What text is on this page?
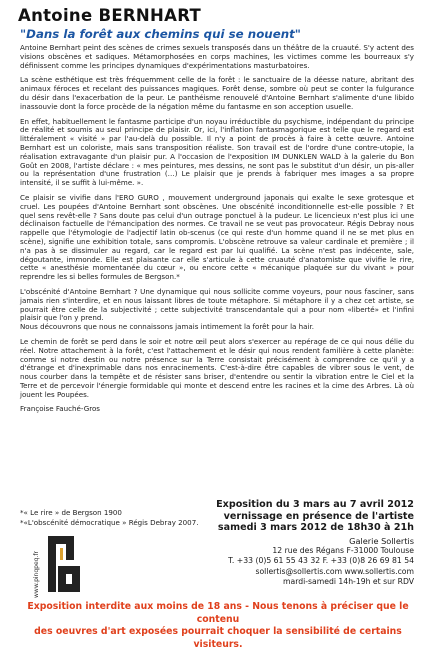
Antoine BERNHART
"Dans la forêt aux chemins qui se nouent"

Antoine Bernhart peint des scènes de crimes sexuels transposés dans un théâtre de la cruauté. S'y actent des visions obscènes et sadiques. Métamorphosées en corps machines, les victimes comme les bourreaux s'y définissent comme les principes dynamiques d'expérimentations masturbatoires.

La scène esthétique est très fréquemment celle de la forêt : le sanctuaire de la déesse nature, abritant des animaux féroces et recelant des puissances magiques. Forêt dense, sombre où peut se conter la fulgurance du désir dans l'exacerbation de la peur. Le panthéisme renouvelé d'Antoine Bernhart s'alimente d'une libido inassouvie dont la force procède de la négation même du fantasme en son acception usuelle.

En effet, habituellement le fantasme participe d'un noyau irréductible du psychisme, indépendant du principe de réalité et soumis au seul principe de plaisir. Or, ici, l'inflation fantasmagorique est telle que le regard est littéralement « visité » par l'au-delà du possible. Il n'y a point de procès à faire à cette œuvre. Antoine Bernhart est un coloriste, mais sans transposition réaliste. Son travail est de l'ordre d'une contre-utopie, la réalisation extravagante d'un plaisir pur. A l'occasion de l'exposition IM DUNKLEN WALD à la galerie du Bon Goût en 2008, l'artiste déclare : « mes peintures, mes dessins, ne sont pas le substitut d'un désir, un pis-aller ou la représentation d'une frustration (…) Le plaisir que je prends à fabriquer mes images a sa propre intensité, il se suffit à lui-même. ».

Ce plaisir se vivifie dans l'ERO GURO , mouvement underground japonais qui exalte le sexe grotesque et cruel. Les poupées d'Antoine Bernhart sont obscènes. Une obscénité inconditionnelle est-elle possible ? Et quel sens revêt-elle ? Sans doute pas celui d'un outrage ponctuel à la pudeur. Le licencieux n'est plus ici une déclinaison factuelle de l'émancipation des normes. Ce travail ne se veut pas provocateur. Régis Debray nous rappelle que l'étymologie de l'adjectif latin ob-scenus (ce qui reste d'un homme quand il ne se met plus en scène), signifie une exhibition totale, sans compromis. L'obscène retrouve sa valeur cardinale et première ; il n'a pas à se dissimuler au regard, car le regard est par lui qualifié. La scène n'est pas indécente, sale, dégoutante, immonde. Elle est plaisante car elle s'articule à cette cruauté d'anatomiste que vivifie le rire, cette « anesthésie momentanée du cœur », ou encore cette « mécanique plaquée sur du vivant » pour reprendre les si belles formules de Bergson.*

L'obscénité d'Antoine Bernhart ? Une dynamique qui nous sollicite comme voyeurs, pour nous fasciner, sans jamais rien s'interdire, et en nous laissant libres de toute métaphore. Si métaphore il y a chez cet artiste, se pourrait être celle de la subjectivité ; cette subjectivité transcendantale qui a pour nom «liberté» et l'infini plaisir que l'on y prend.
Nous découvrons que nous ne connaissons jamais intimement la forêt pour la hair.

Le chemin de forêt se perd dans le soir et notre œil peut alors s'exercer au repérage de ce qui nous délie du réel. Notre attachement à la forêt, c'est l'attachement et le désir qui nous rendent familière à cette planète: comme si notre destin ou notre présence sur la Terre consistait précisément à comprendre ce qu'il y a d'étrange et d'inexprimable dans nos enracinements. C'est-à-dire être capables de vibrer sous le vent, de nous courber dans la tempête et de résister sans briser, d'entendre ou sentir la vibration entre le Ciel et la Terre et de percevoir l'énergie formidable qui monte et descend entre les racines et la cime des Arbres. Là où jouent les Poupées.

Françoise Fauché-Gros

*« Le rire » de Bergson 1900
*«L'obscénité démocratique » Régis Debray 2007.
www.pinqpeq.fr
Exposition du 3 mars au 7 avril 2012
vernissage en présence de l'artiste
samedi 3 mars 2012 de 18h30 à 21h
Galerie Sollertis
12 rue des Régans F-31000 Toulouse
T. +33 (0)5 61 55 43 32 F. +33 (0)8 26 69 81 54
sollertis@sollertis.com www.sollertis.com
mardi-samedi 14h-19h et sur RDV
Exposition interdite aux moins de 18 ans - Nous tenons à préciser que le contenu
des oeuvres d'art exposées pourrait choquer la sensibilité de certains visiteurs.
